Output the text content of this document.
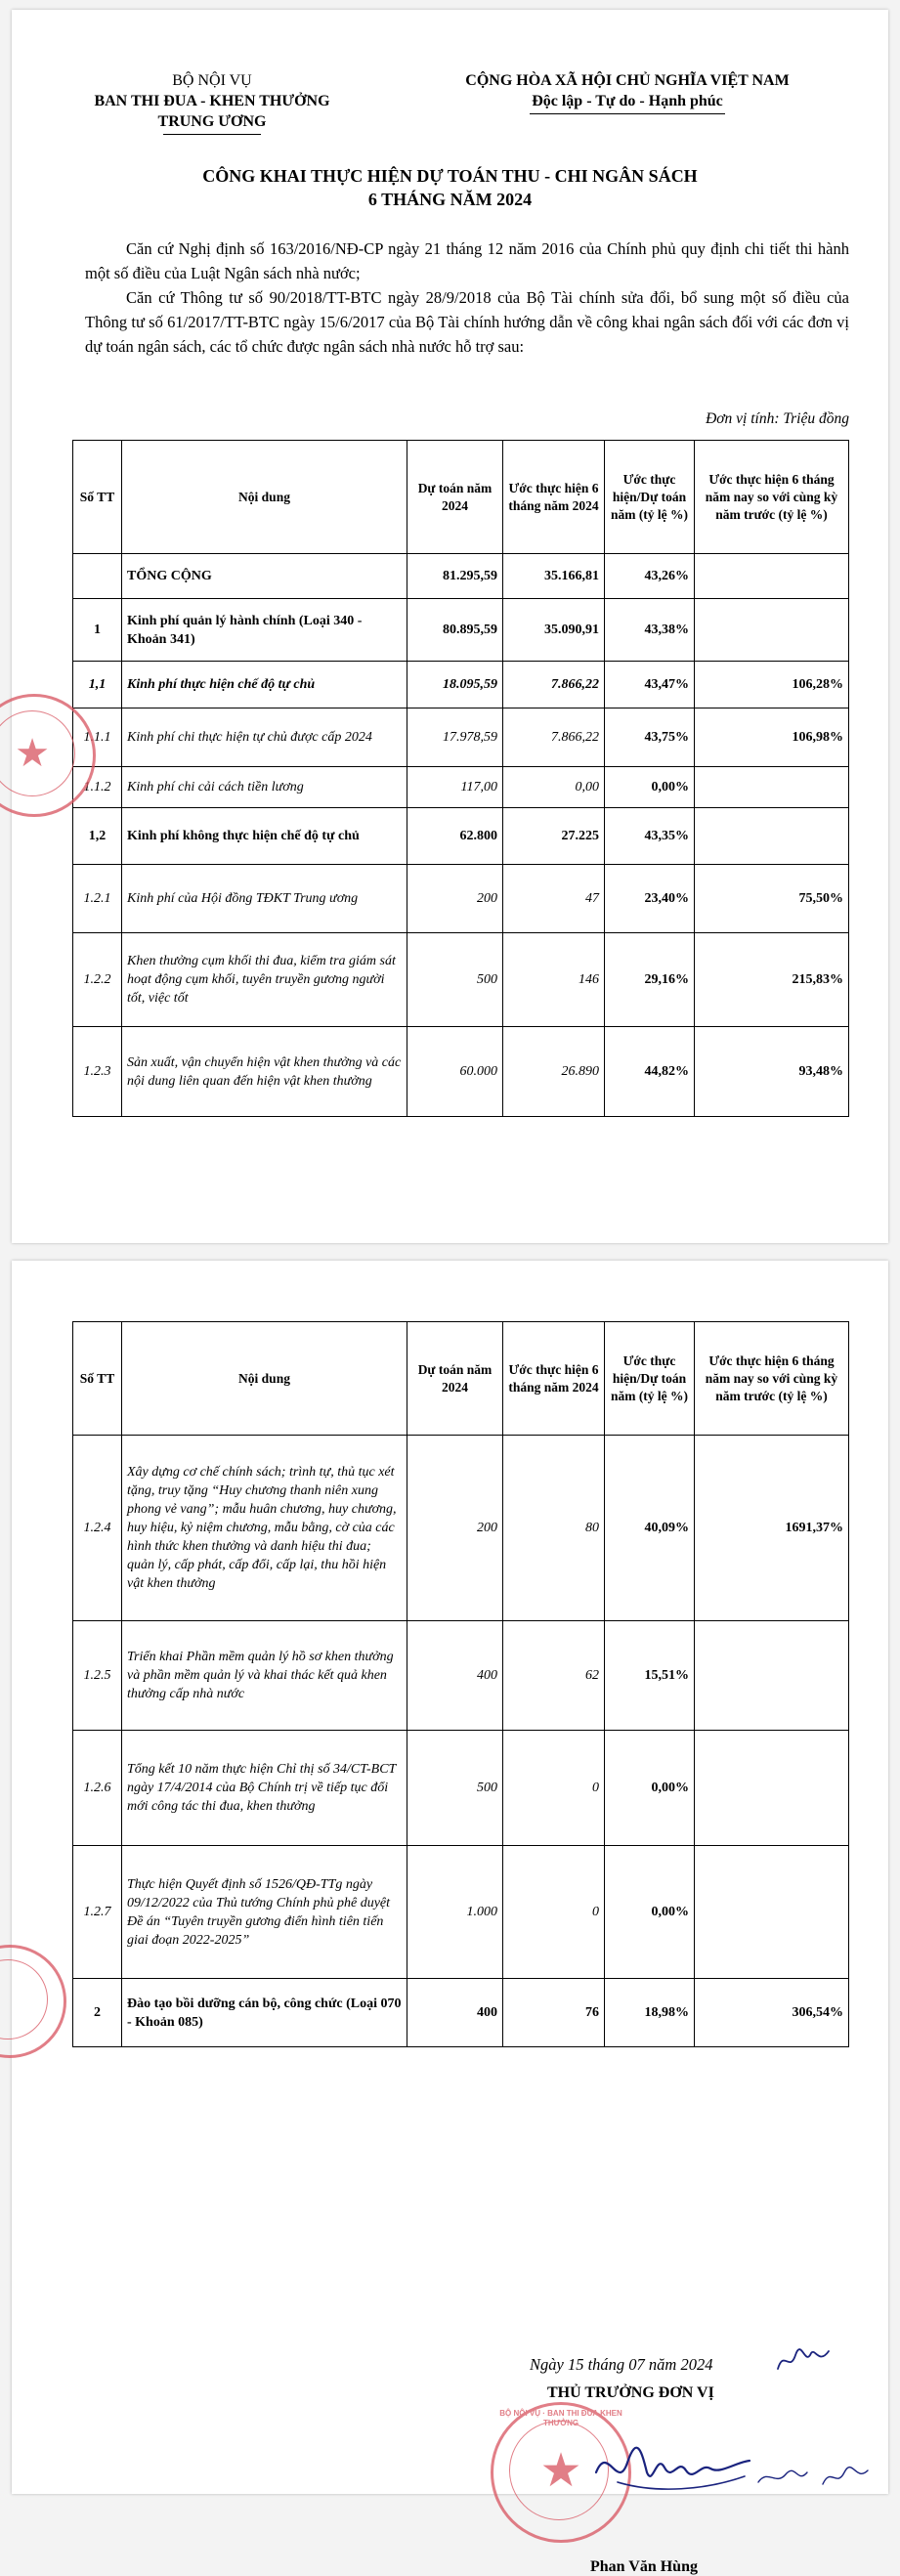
BỘ NỘI VỤ
BAN THI ĐUA - KHEN THƯỞNG
TRUNG ƯƠNG
CỘNG HÒA XÃ HỘI CHỦ NGHĨA VIỆT NAM
Độc lập - Tự do - Hạnh phúc
CÔNG KHAI THỰC HIỆN DỰ TOÁN THU - CHI NGÂN SÁCH
6 THÁNG NĂM 2024
Căn cứ Nghị định số 163/2016/NĐ-CP ngày 21 tháng 12 năm 2016 của Chính phủ quy định chi tiết thi hành một số điều của Luật Ngân sách nhà nước;
Căn cứ Thông tư số 90/2018/TT-BTC ngày 28/9/2018 của Bộ Tài chính sửa đổi, bổ sung một số điều của Thông tư số 61/2017/TT-BTC ngày 15/6/2017 của Bộ Tài chính hướng dẫn về công khai ngân sách đối với các đơn vị dự toán ngân sách, các tổ chức được ngân sách nhà nước hỗ trợ sau:
Đơn vị tính: Triệu đồng
Số TT	Nội dung	Dự toán năm 2024	Ước thực hiện 6 tháng năm 2024	Ước thực hiện/Dự toán năm (tỷ lệ %)	Ước thực hiện 6 tháng năm nay so với cùng kỳ năm trước (tỷ lệ %)
	TỔNG CỘNG	81.295,59	35.166,81	43,26%	
1	Kinh phí quản lý hành chính (Loại 340 - Khoản 341)	80.895,59	35.090,91	43,38%	
1,1	Kinh phí thực hiện chế độ tự chủ	18.095,59	7.866,22	43,47%	106,28%
1.1.1	Kinh phí chi thực hiện tự chủ được cấp 2024	17.978,59	7.866,22	43,75%	106,98%
1.1.2	Kinh phí chi cải cách tiền lương	117,00	0,00	0,00%	
1,2	Kinh phí không thực hiện chế độ tự chủ	62.800	27.225	43,35%	
1.2.1	Kinh phí của Hội đồng TĐKT Trung ương	200	47	23,40%	75,50%
1.2.2	Khen thưởng cụm khối thi đua, kiểm tra giám sát hoạt động cụm khối, tuyên truyền gương người tốt, việc tốt	500	146	29,16%	215,83%
1.2.3	Sản xuất, vận chuyển hiện vật khen thưởng và các nội dung liên quan đến hiện vật khen thưởng	60.000	26.890	44,82%	93,48%
★
Số TT	Nội dung	Dự toán năm 2024	Ước thực hiện 6 tháng năm 2024	Ước thực hiện/Dự toán năm (tỷ lệ %)	Ước thực hiện 6 tháng năm nay so với cùng kỳ năm trước (tỷ lệ %)
1.2.4	Xây dựng cơ chế chính sách; trình tự, thủ tục xét tặng, truy tặng “Huy chương thanh niên xung phong vẻ vang”; mẫu huân chương, huy chương, huy hiệu, kỷ niệm chương, mẫu bằng, cờ của các hình thức khen thưởng và danh hiệu thi đua; quản lý, cấp phát, cấp đổi, cấp lại, thu hồi hiện vật khen thưởng	200	80	40,09%	1691,37%
1.2.5	Triển khai Phần mềm quản lý hồ sơ khen thưởng và phần mềm quản lý và khai thác kết quả khen thưởng cấp nhà nước	400	62	15,51%	
1.2.6	Tổng kết 10 năm thực hiện Chỉ thị số 34/CT-BCT ngày 17/4/2014 của Bộ Chính trị về tiếp tục đổi mới công tác thi đua, khen thưởng	500	0	0,00%	
1.2.7	Thực hiện Quyết định số 1526/QĐ-TTg ngày 09/12/2022 của Thủ tướng Chính phủ phê duyệt Đề án “Tuyên truyền gương điển hình tiên tiến giai đoạn 2022-2025”	1.000	0	0,00%	
2	Đào tạo bồi dưỡng cán bộ, công chức (Loại 070 - Khoản 085)	400	76	18,98%	306,54%
Ngày 15 tháng 07 năm 2024
THỦ TRƯỞNG ĐƠN VỊ
★
BỘ NỘI VỤ · BAN THI ĐUA KHEN THƯỞNG
Phan Văn Hùng
